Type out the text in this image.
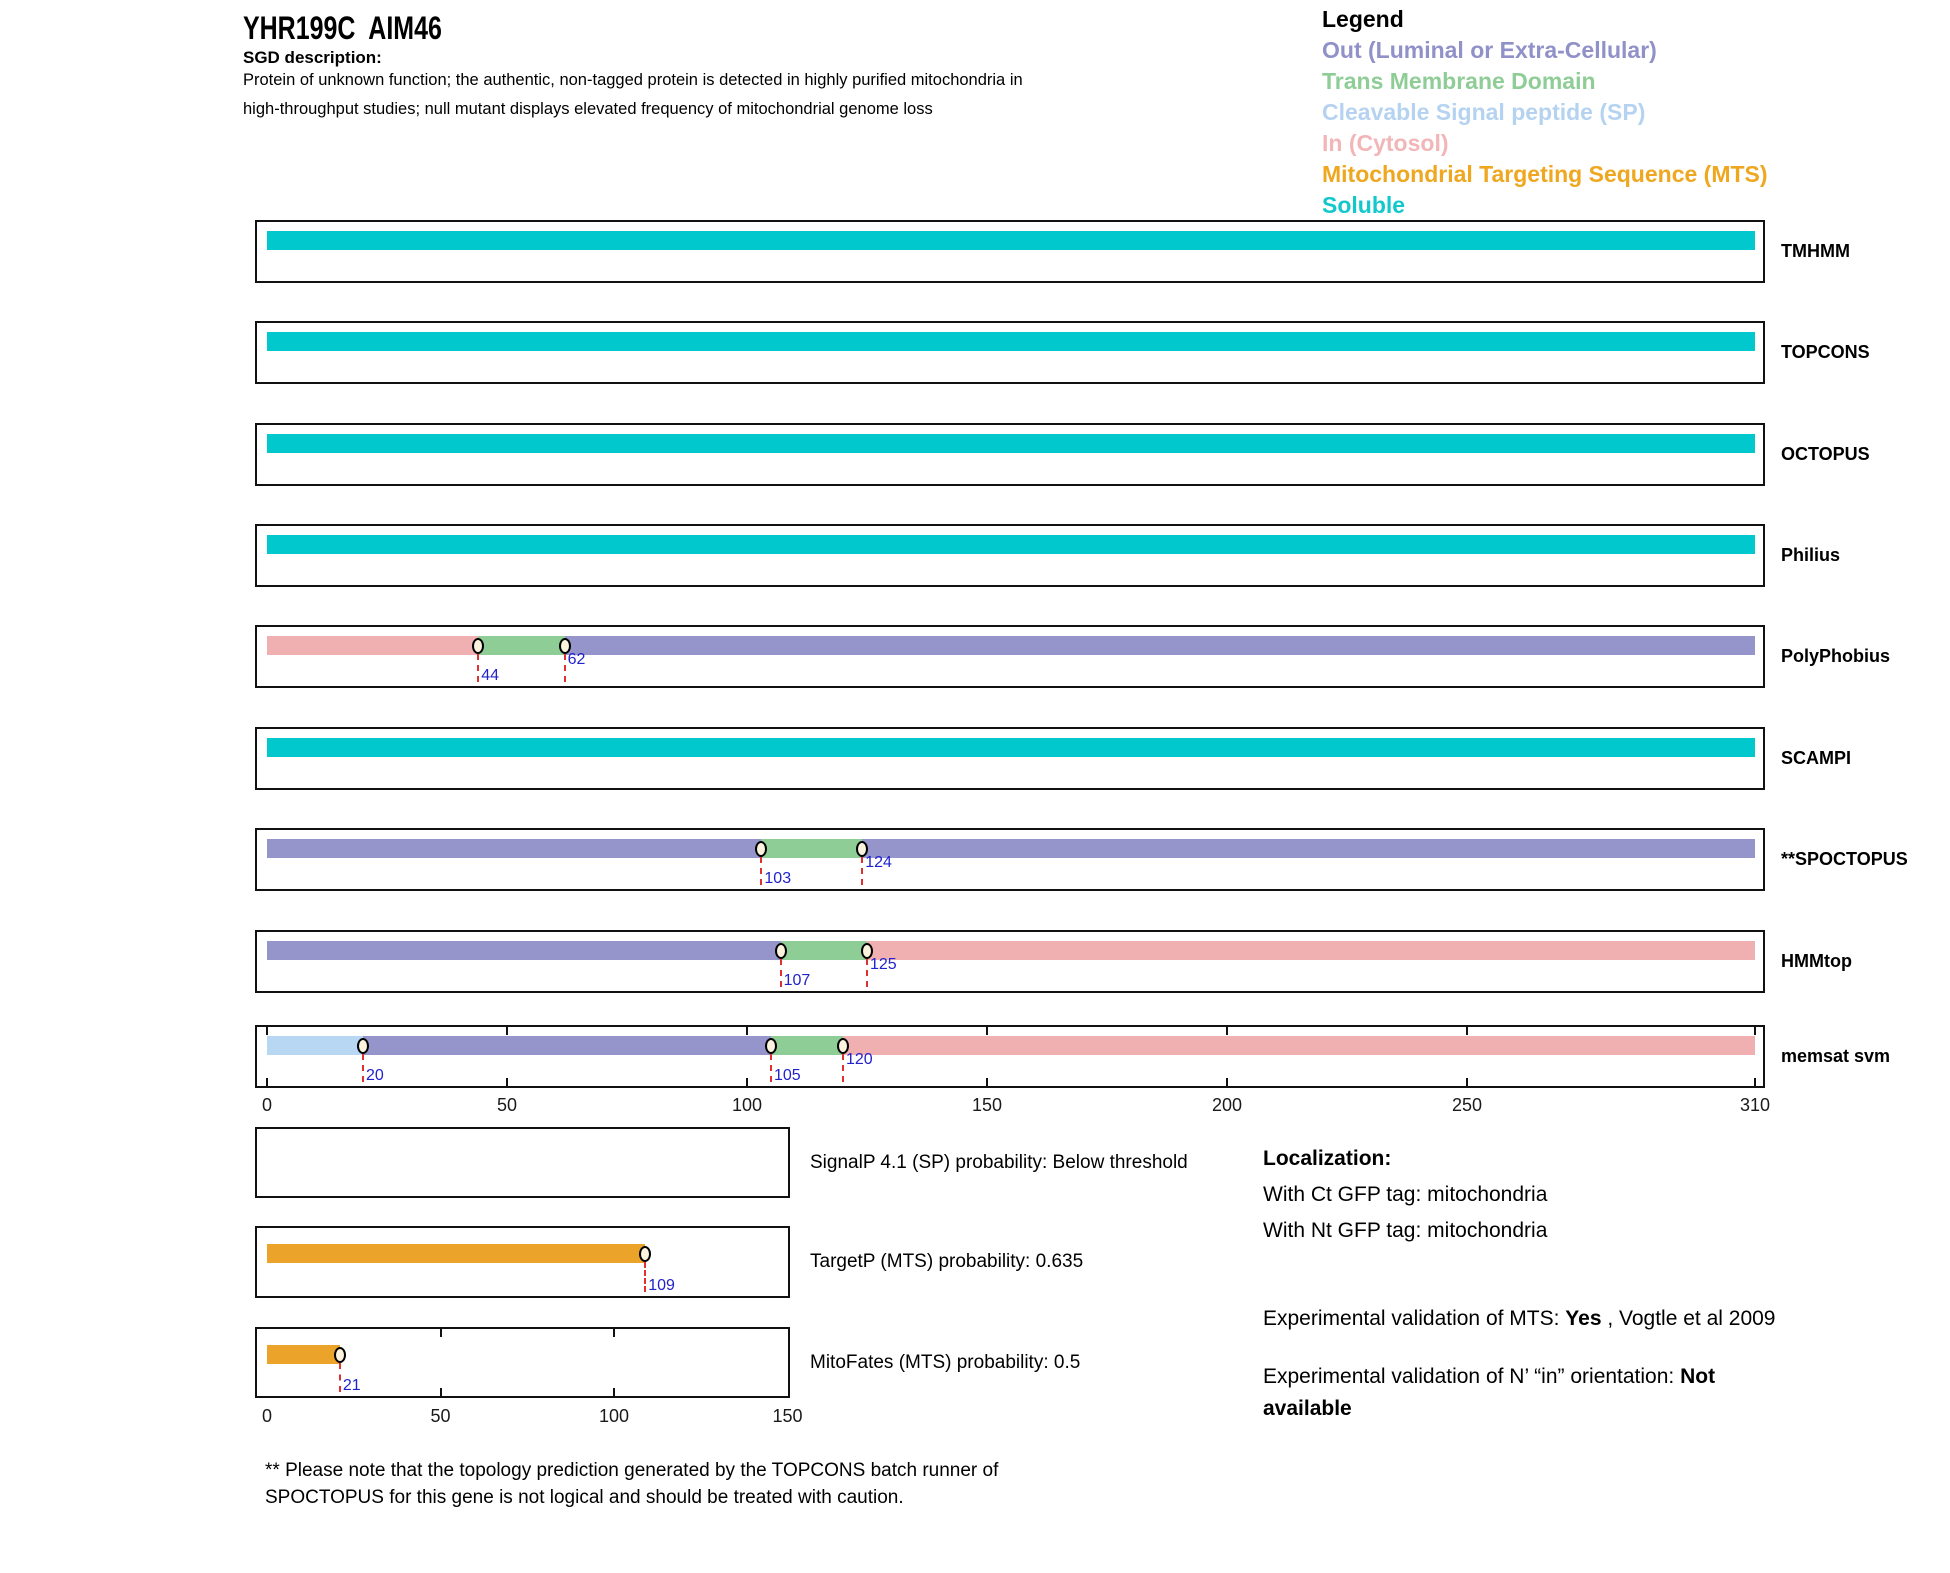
YHR199C  AIM46
SGD description:
Protein of unknown function; the authentic, non-tagged protein is detected in highly purified mitochondria in
high-throughput studies; null mutant displays elevated frequency of mitochondrial genome loss
Legend
Out (Luminal or Extra-Cellular)
Trans Membrane Domain
Cleavable Signal peptide (SP)
In (Cytosol)
Mitochondrial Targeting Sequence (MTS)
Soluble
TMHMM
TOPCONS
OCTOPUS
Philius
44
62	PolyPhobius
SCAMPI
103
124	**SPOCTOPUS
107
125	HMMtop
20	105
120	memsat svm
0	50	100	150	200	250	310
SignalP 4.1 (SP) probability: Below threshold
109
TargetP (MTS) probability: 0.635
21
MitoFates (MTS) probability: 0.5
0	50	100	150
Localization:
With Ct GFP tag: mitochondria
With Nt GFP tag: mitochondria
Experimental validation of MTS: Yes , Vogtle et al 2009
Experimental validation of N’ “in” orientation: Not
available
** Please note that the topology prediction generated by the TOPCONS batch runner of
SPOCTOPUS for this gene is not logical and should be treated with caution.
